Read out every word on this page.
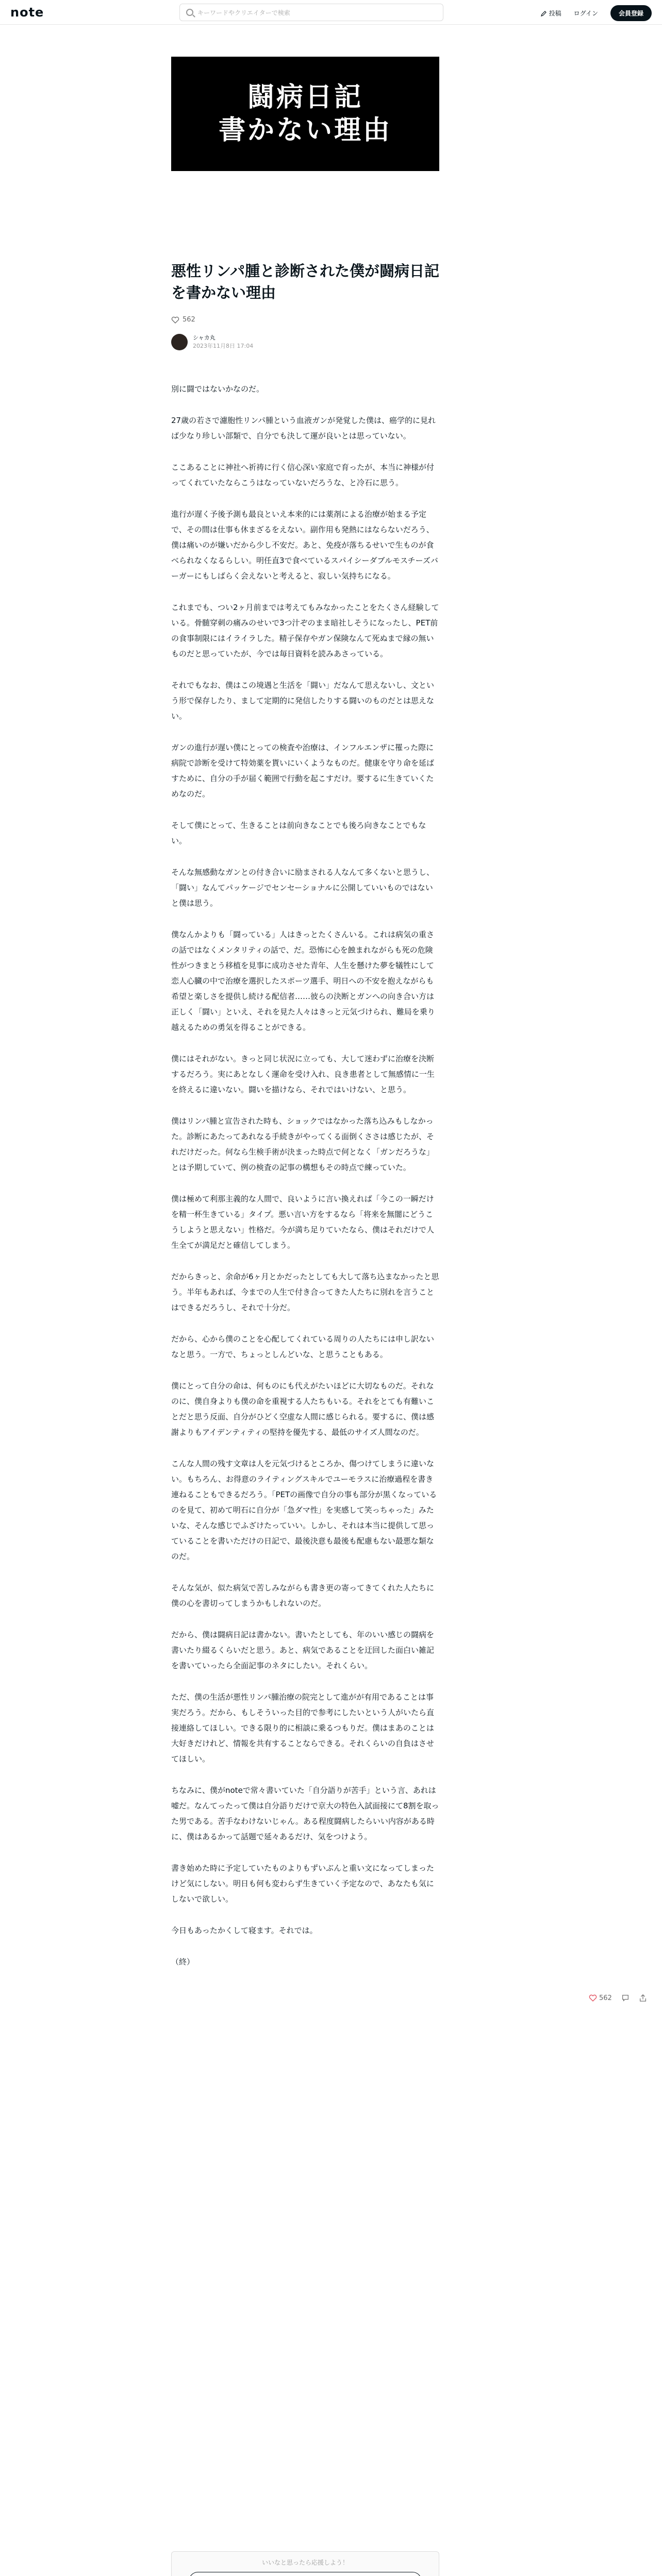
note	キーワードやクリエイターで検索	投稿 ログイン	会員登録
闘病日記
書かない理由
悪性リンパ腫と診断された僕が闘病日記を書かない理由
562
シャカ丸
2023年11月8日 17:04

別に闘ではないかなのだ。

27歳の若さで濾胞性リンパ腫という血液ガンが発覚した僕は、癌学的に見れば少なり珍しい部類で、自分でも決して運が良いとは思っていない。

ここあることに神社へ祈祷に行く信心深い家庭で育ったが、本当に神様が付ってくれていたならこうはなっていないだろうな、と冷石に思う。

進行が遅く予後予測も最良といえ本来的には薬剤による治療が始まる予定で、その間は仕事も休まざるをえない。副作用も発熱にはならないだろう、僕は痛いのが嫌いだから少し不安だ。あと、免疫が落ちるせいで生ものが食べられなくなるらしい。明任直3で食べているスパイシーダブルモスチーズバーガーにもしばらく会えないと考えると、寂しい気持ちになる。

これまでも、つい2ヶ月前までは考えてもみなかったことをたくさん経験している。骨髄穿刺の痛みのせいで3つ汁ぞのまま暗社しそうになったし、PET前の食事制限にはイライラした。精子保存やガン保険なんて死ぬまで縁の無いものだと思っていたが、今では毎日資料を読みあさっている。

それでもなお、僕はこの境遇と生活を「闘い」だなんて思えないし、文という形で保存したり、まして定期的に発信したりする闘いのものだとは思えない。

ガンの進行が遅い僕にとっての検査や治療は、インフルエンザに罹った際に病院で診断を受けて特効薬を貰いにいくようなものだ。健康を守り命を延ばすために、自分の手が届く範囲で行動を起こすだけ。要するに生きていくためなのだ。

そして僕にとって、生きることは前向きなことでも後ろ向きなことでもない。

そんな無感動なガンとの付き合いに励まされる人なんて多くないと思うし、「闘い」なんてパッケージでセンセーショナルに公開していいものではないと僕は思う。

僕なんかよりも「闘っている」人はきっとたくさんいる。これは病気の重さの話ではなくメンタリティの話で、だ。恐怖に心を蝕まれながらも死の危険性がつきまとう移植を見事に成功させた青年、人生を懸けた夢を犠牲にして恋人心臓の中で治療を選択したスポーツ選手、明日への不安を抱えながらも希望と楽しさを提供し続ける配信者……彼らの決断とガンへの向き合い方は正しく「闘い」といえ、それを見た人々はきっと元気づけられ、難局を乗り越えるための勇気を得ることができる。

僕にはそれがない。きっと同じ状況に立っても、大して迷わずに治療を決断するだろう。実にあとなしく運命を受け入れ、良き患者として無感情に一生を終えるに違いない。闘いを描けなら、それではいけない、と思う。

僕はリンパ腫と宣告された時も、ショックではなかった落ち込みもしなかった。診断にあたってあれなる手続きがやってくる面倒くささは感じたが、それだけだった。何なら生検手術が決まった時点で何となく「ガンだろうな」とは予期していて、例の検査の記事の構想もその時点で練っていた。

僕は極めて利那主義的な人間で、良いように言い換えれば「今この一瞬だけを精一杯生きている」タイプ。悪い言い方をするなら「将来を無闇にどうこうしようと思えない」性格だ。今が満ち足りていたなら、僕はそれだけで人生全てが満足だと確信してしまう。

だからきっと、余命が6ヶ月とかだったとしても大して落ち込まなかったと思う。半年もあれば、今までの人生で付き合ってきた人たちに別れを言うことはできるだろうし、それで十分だ。

だから、心から僕のことを心配してくれている周りの人たちには申し訳ないなと思う。一方で、ちょっとしんどいな、と思うこともある。

僕にとって自分の命は、何ものにも代えがたいほどに大切なものだ。それなのに、僕自身よりも僕の命を重視する人たちもいる。それをとても有難いことだと思う反面、自分がひどく空虚な人間に感じられる。要するに、僕は感謝よりもアイデンティティの堅持を優先する、最低のサイズ人間なのだ。

こんな人間の残す文章は人を元気づけるところか、傷つけてしまうに違いない。もちろん、お得意のライティングスキルでユーモラスに治療過程を書き連ねることもできるだろう。「PETの画像で自分の事も部分が黒くなっているのを見て、初めて明石に自分が「急ダマ性」を実感して笑っちゃった」みたいな、そんな感じでふざけたっていい。しかし、それは本当に提供して思っていることを書いただけの日記で、最後決意も最後も配慮もない最悪な類なのだ。

そんな気が、似た病気で苦しみながらも書き更の寄ってきてくれた人たちに僕の心を書切ってしまうかもしれないのだ。

だから、僕は闘病日記は書かない。書いたとしても、年のいい感じの闘病を書いたり綴るくらいだと思う。あと、病気であることを迂回した面白い雑記を書いていったら全面記事のネタにしたい。それくらい。

ただ、僕の生活が悪性リンパ腫治療の院完として進がが有用であることは事実だろう。だから、もしそういった目的で参考にしたいという人がいたら直接連絡してほしい。できる限り的に相談に乗るつもりだ。僕はまあのことは大好きだけれど、情報を共有することならできる。それくらいの自負はさせてほしい。

ちなみに、僕がnoteで常々書いていた「自分語りが苦手」という言、あれは嘘だ。なんてったって僕は自分語りだけで京大の特色入試面接にて8割を取った男である。苦手なわけないじゃん。ある程度闘病したらいい内容がある時に、僕はあるかって話題で延々あるだけ、気をつけよう。

書き始めた時に予定していたものよりもずいぶんと重い文になってしまったけど気にしない。明日も何も変わらず生きていく予定なので、あなたも気にしないで欲しい。

今日もあったかくして寝ます。それでは。

（終）

いいなと思ったら応援しよう！
562
